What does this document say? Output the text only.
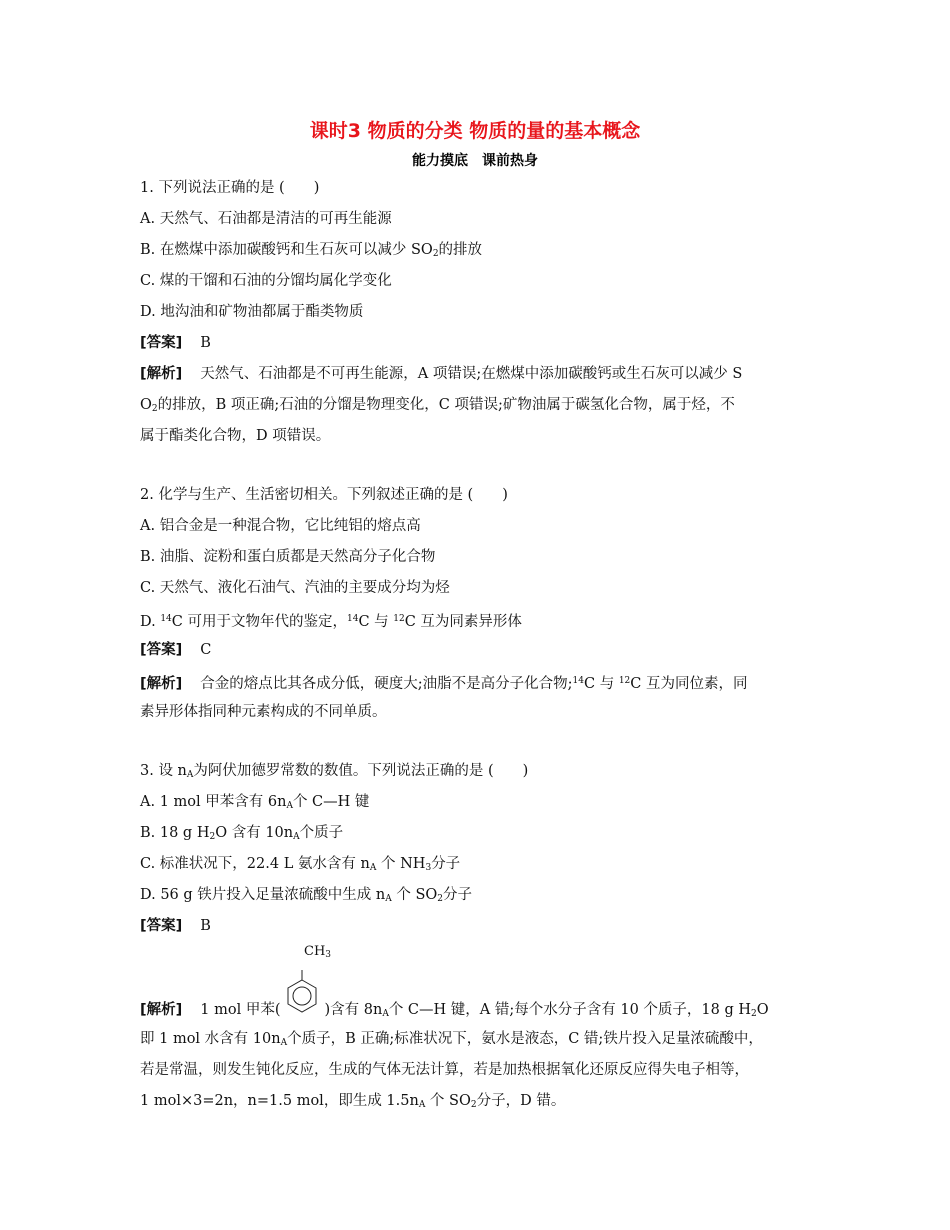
课时3 物质的分类 物质的量的基本概念
能力摸底　课前热身
1. 下列说法正确的是 (　　)
A. 天然气、石油都是清洁的可再生能源
B. 在燃煤中添加碳酸钙和生石灰可以减少 $SO_2$的排放
C. 煤的干馏和石油的分馏均属化学变化
D. 地沟油和矿物油都属于酯类物质
[答案] B
[解析] 天然气、石油都是不可再生能源，A 项错误;在燃煤中添加碳酸钙或生石灰可以减少 S
$O_2$的排放，B 项正确;石油的分馏是物理变化，C 项错误;矿物油属于碳氢化合物，属于烃，不
属于酯类化合物，D 项错误。
2. 化学与生产、生活密切相关。下列叙述正确的是 (　　)
A. 铝合金是一种混合物，它比纯铝的熔点高
B. 油脂、淀粉和蛋白质都是天然高分子化合物
C. 天然气、液化石油气、汽油的主要成分均为烃
D. $^{14}$C 可用于文物年代的鉴定，$^{14}$C 与 $^{12}$C 互为同素异形体
[答案] C
[解析] 合金的熔点比其各成分低，硬度大;油脂不是高分子化合物;$^{14}$C 与 $^{12}$C 互为同位素，同
素异形体指同种元素构成的不同单质。
3. 设 $n_A$为阿伏加德罗常数的数值。下列说法正确的是 (　　)
A. 1 mol 甲苯含有 $6n_A$个 C—H 键
B. 18 g $H_2O$ 含有 $10n_A$个质子
C. 标准状况下，22.4 L 氨水含有 $n_A$ 个 $NH_3$分子
D. 56 g 铁片投入足量浓硫酸中生成 $n_A$ 个 $SO_2$分子
[答案] B
$CH_3$
[解析] 1 mol 甲苯(	)含有 $8n_A$个 C—H 键，A 错;每个水分子含有 10 个质子，18 g $H_2O$
即 1 mol 水含有 $10n_A$个质子，B 正确;标准状况下，氨水是液态，C 错;铁片投入足量浓硫酸中，
若是常温，则发生钝化反应，生成的气体无法计算，若是加热根据氧化还原反应得失电子相等，
1 mol×3=2n，n=1.5 mol，即生成 $1.5n_A$ 个 $SO_2$分子，D 错。
